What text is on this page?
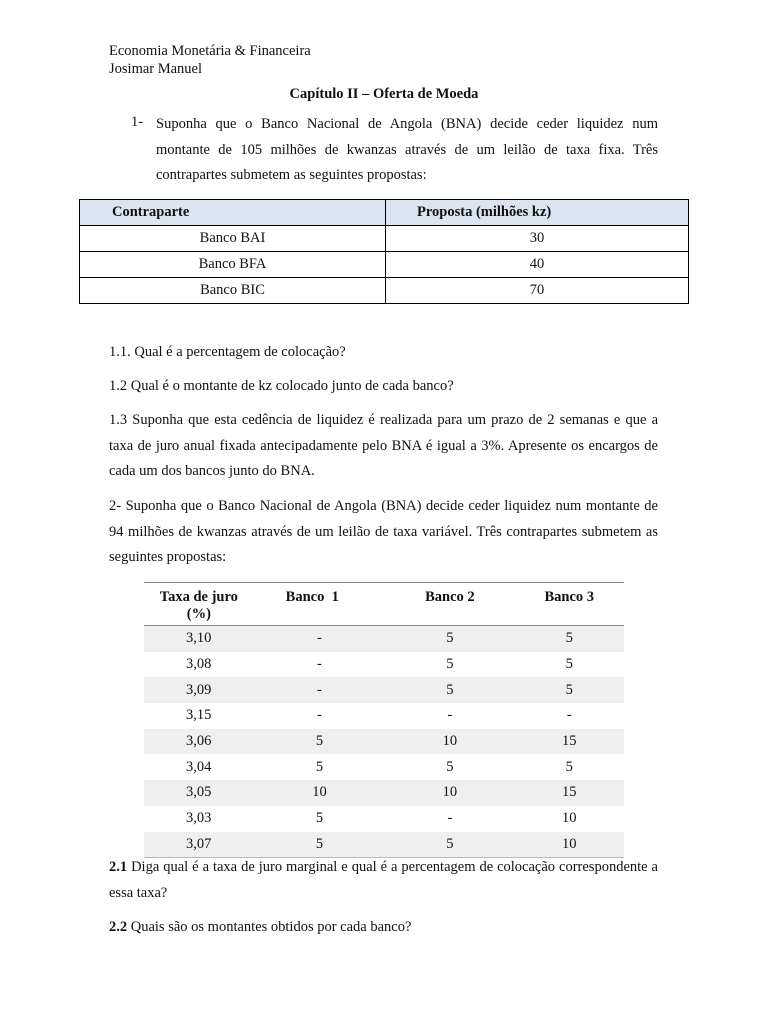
Economia Monetária & Financeira
Josimar Manuel
Capítulo II – Oferta de Moeda
1- Suponha que o Banco Nacional de Angola (BNA) decide ceder liquidez num montante de 105 milhões de kwanzas através de um leilão de taxa fixa. Três contrapartes submetem as seguintes propostas:
Contraparte	Proposta (milhões kz)
Banco BAI	30
Banco BFA	40
Banco BIC	70
1.1. Qual é a percentagem de colocação?
1.2 Qual é o montante de kz colocado junto de cada banco?
1.3 Suponha que esta cedência de liquidez é realizada para um prazo de 2 semanas e que a taxa de juro anual fixada antecipadamente pelo BNA é igual a 3%. Apresente os encargos de cada um dos bancos junto do BNA.
2- Suponha que o Banco Nacional de Angola (BNA) decide ceder liquidez num montante de 94 milhões de kwanzas através de um leilão de taxa variável. Três contrapartes submetem as seguintes propostas:
Taxa de juro
(%)	Banco  1	Banco 2	Banco 3
3,10	-	5	5
3,08	-	5	5
3,09	-	5	5
3,15	-	-	-
3,06	5	10	15
3,04	5	5	5
3,05	10	10	15
3,03	5	-	10
3,07	5	5	10
2.1 Diga qual é a taxa de juro marginal e qual é a percentagem de colocação correspondente a essa taxa?
2.2 Quais são os montantes obtidos por cada banco?
